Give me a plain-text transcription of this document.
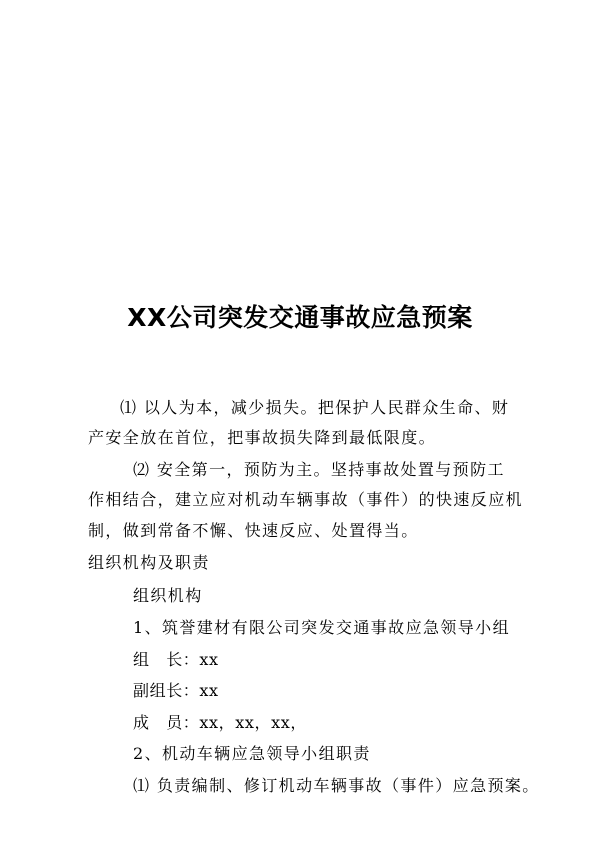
XX公司突发交通事故应急预案
⑴ 以人为本，减少损失。把保护人民群众生命、财
产安全放在首位，把事故损失降到最低限度。
⑵ 安全第一，预防为主。坚持事故处置与预防工
作相结合，建立应对机动车辆事故（事件）的快速反应机
制，做到常备不懈、快速反应、处置得当。
组织机构及职责
组织机构
1、筑誉建材有限公司突发交通事故应急领导小组
组　长：xx
副组长：xx
成　员：xx，xx，xx，
2、机动车辆应急领导小组职责
⑴ 负责编制、修订机动车辆事故（事件）应急预案。
